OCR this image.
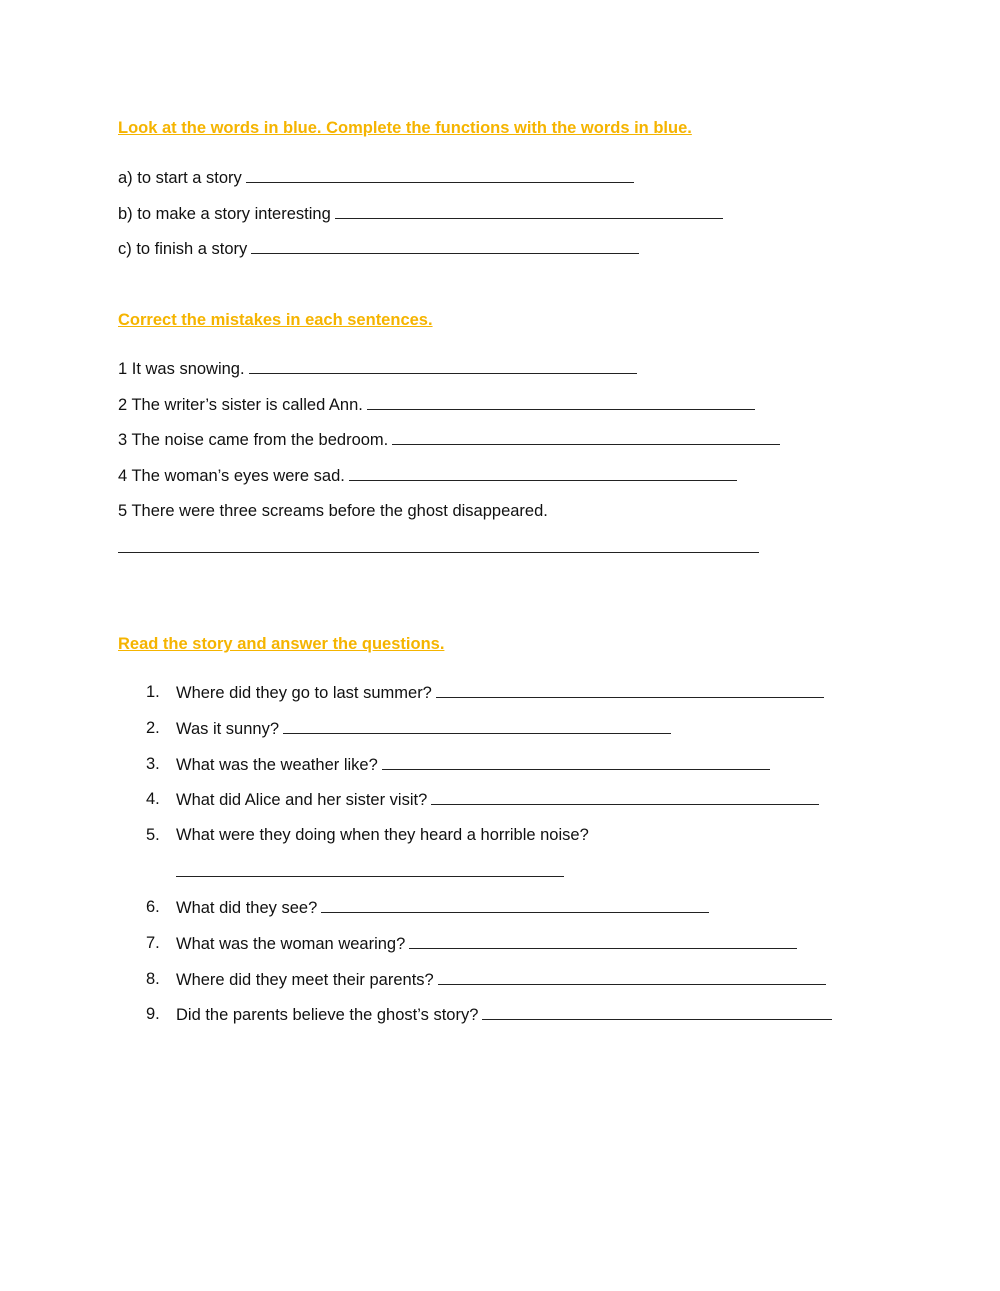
Look at the words in blue. Complete the functions with the words in blue.
a) to start a story
b) to make a story interesting
c) to finish a story
Correct the mistakes in each sentences.
1 It was snowing.
2 The writer’s sister is called Ann.
3 The noise came from the bedroom.
4 The woman’s eyes were sad.
5 There were three screams before the ghost disappeared.
Read the story and answer the questions.
1. Where did they go to last summer?
2. Was it sunny?
3. What was the weather like?
4. What did Alice and her sister visit?
5. What were they doing when they heard a horrible noise?
6. What did they see?
7. What was the woman wearing?
8. Where did they meet their parents?
9. Did the parents believe the ghost’s story?
